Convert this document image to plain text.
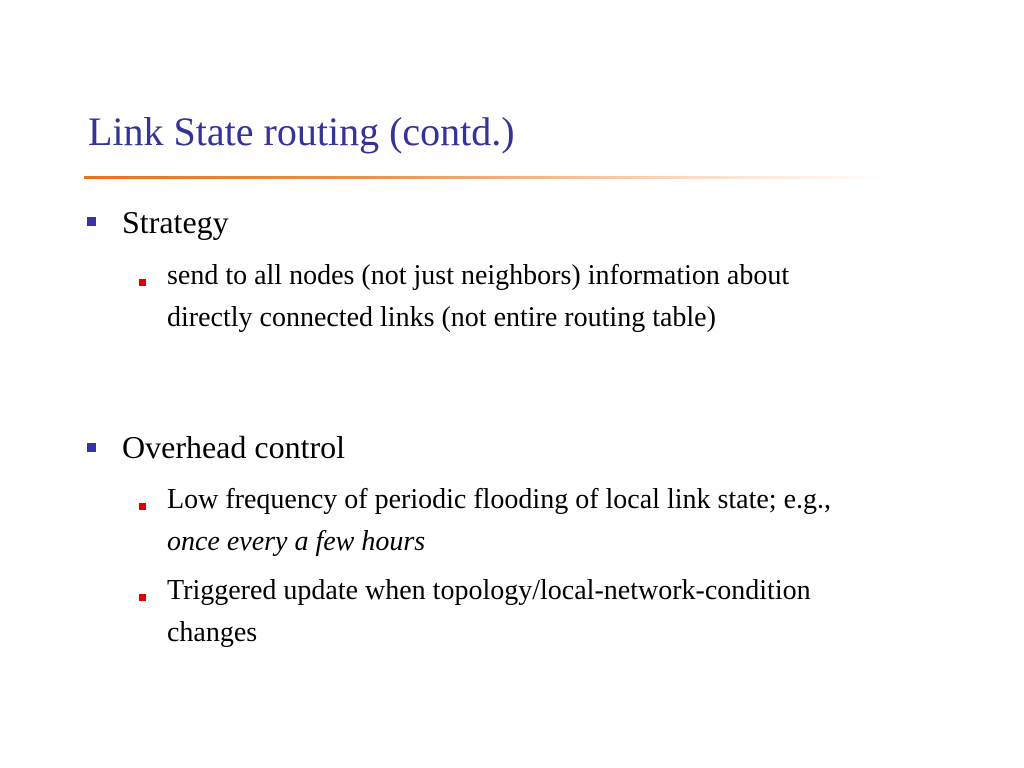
Link State routing (contd.)
Strategy
send to all nodes (not just neighbors) information about
directly connected links (not entire routing table)
Overhead control
Low frequency of periodic flooding of local link state; e.g.,
once every a few hours
Triggered update when topology/local-network-condition
changes
